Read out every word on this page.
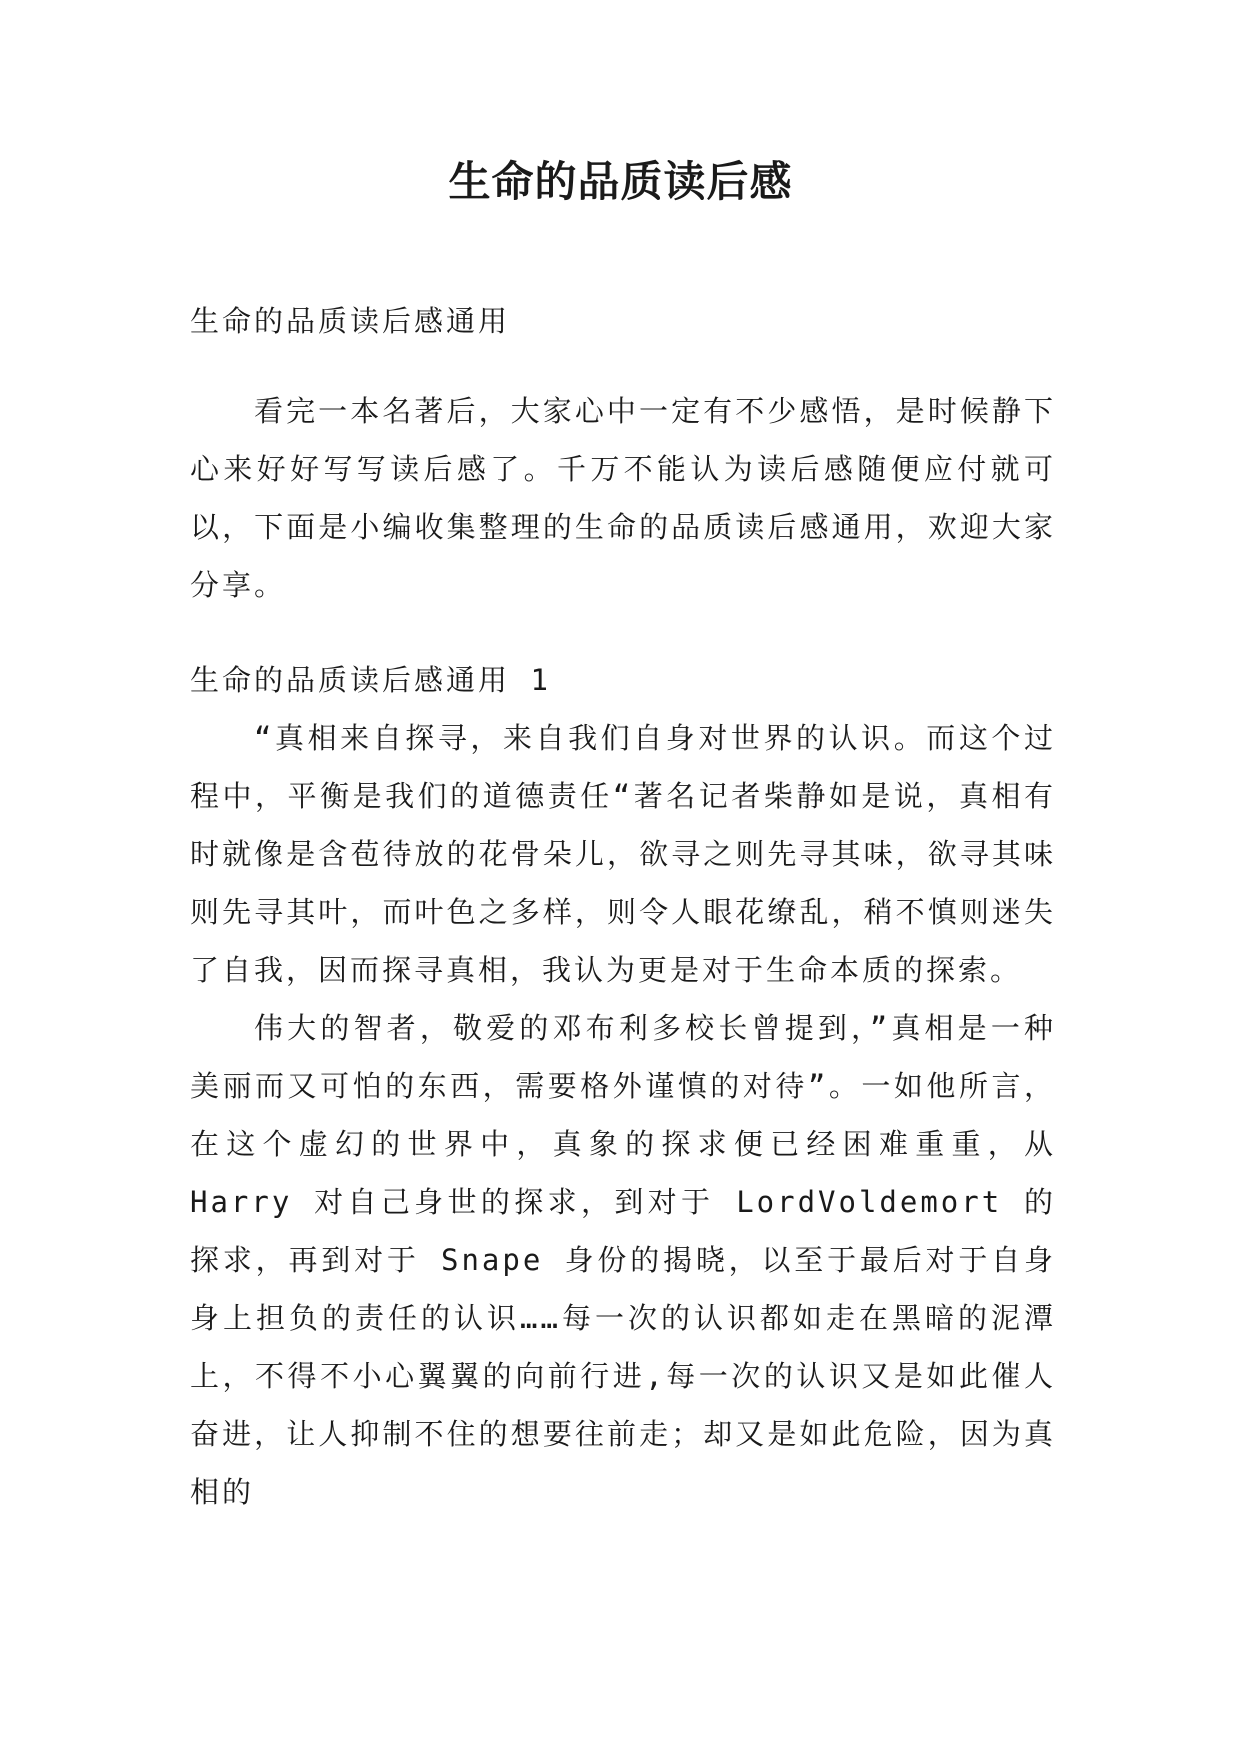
生命的品质读后感

生命的品质读后感通用

看完一本名著后，大家心中一定有不少感悟，是时候静下心来好好写写读后感了。千万不能认为读后感随便应付就可以，下面是小编收集整理的生命的品质读后感通用，欢迎大家分享。

生命的品质读后感通用 1

“真相来自探寻，来自我们自身对世界的认识。而这个过程中，平衡是我们的道德责任“著名记者柴静如是说，真相有时就像是含苞待放的花骨朵儿，欲寻之则先寻其味，欲寻其味则先寻其叶，而叶色之多样，则令人眼花缭乱，稍不慎则迷失了自我，因而探寻真相，我认为更是对于生命本质的探索。

伟大的智者，敬爱的邓布利多校长曾提到，”真相是一种美丽而又可怕的东西，需要格外谨慎的对待”。一如他所言，在这个虚幻的世界中，真象的探求便已经困难重重，从 Harry 对自己身世的探求，到对于 LordVoldemort 的探求，再到对于 Snape 身份的揭晓，以至于最后对于自身身上担负的责任的认识……每一次的认识都如走在黑暗的泥潭上，不得不小心翼翼的向前行进,每一次的认识又是如此催人奋进，让人抑制不住的想要往前走；却又是如此危险，因为真相的
